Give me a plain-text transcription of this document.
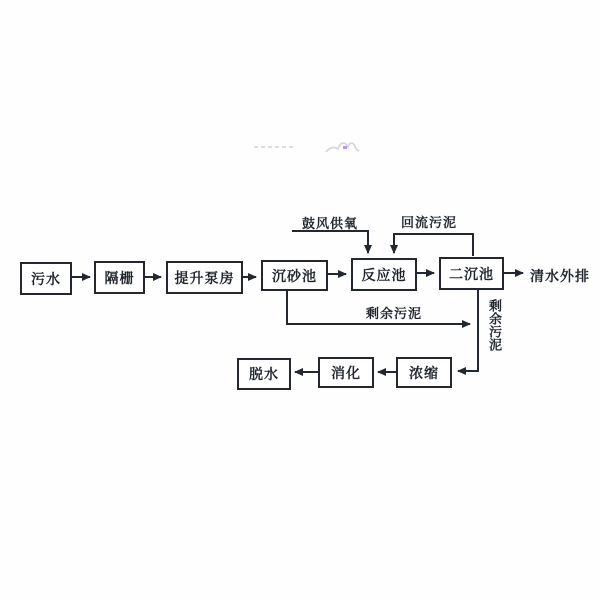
污水	隔栅	提升泵房	沉砂池	反应池	二沉池
浓缩
消化
脱水
鼓风供氧	回流污泥
剩余污泥	剩余污泥
清水外排
